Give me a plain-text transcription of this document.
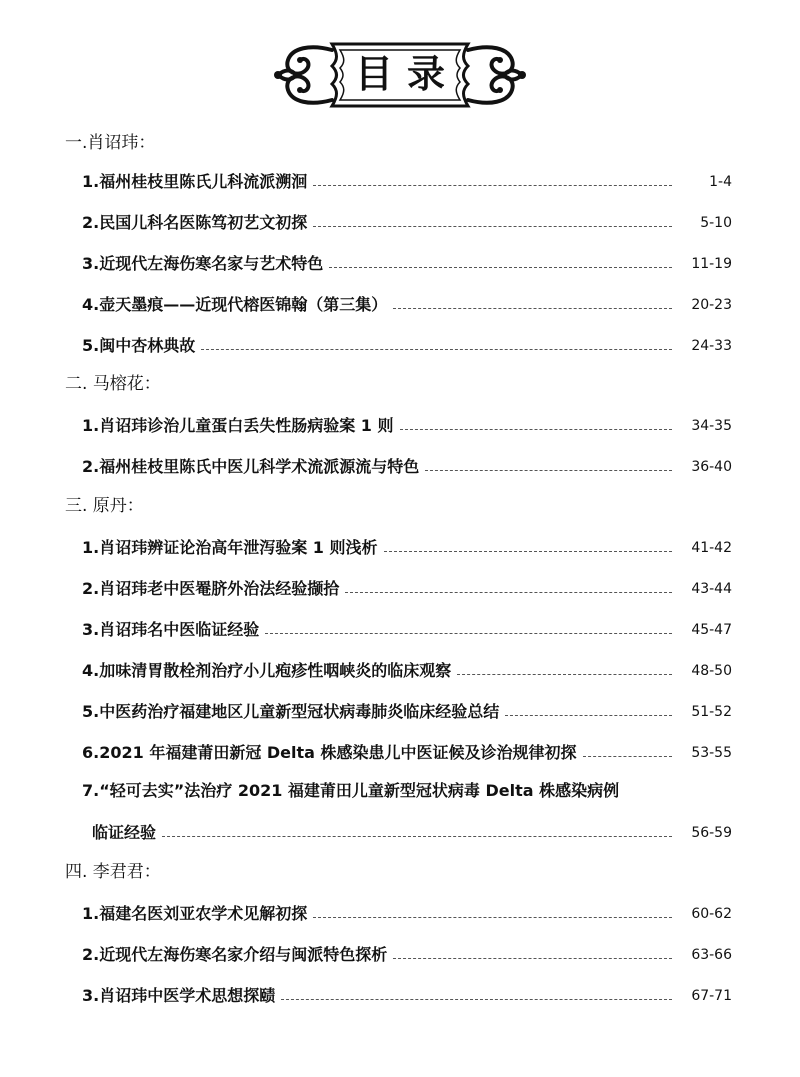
目录
一.肖诏玮：
1.福州桂枝里陈氏儿科流派溯洄	1-4
2.民国儿科名医陈笃初艺文初探	5-10
3.近现代左海伤寒名家与艺术特色	11-19
4.壶天墨痕——近现代榕医锦翰（第三集）	20-23
5.闽中杏林典故	24-33
二. 马榕花：
1.肖诏玮诊治儿童蛋白丢失性肠病验案 1 则	34-35
2.福州桂枝里陈氏中医儿科学术流派源流与特色	36-40
三. 原丹：
1.肖诏玮辨证论治高年泄泻验案 1 则浅析	41-42
2.肖诏玮老中医罨脐外治法经验撷拾	43-44
3.肖诏玮名中医临证经验	45-47
4.加味清胃散栓剂治疗小儿疱疹性咽峡炎的临床观察	48-50
5.中医药治疗福建地区儿童新型冠状病毒肺炎临床经验总结	51-52
6.2021 年福建莆田新冠 Delta 株感染患儿中医证候及诊治规律初探	53-55
7.“轻可去实”法治疗 2021 福建莆田儿童新型冠状病毒 Delta 株感染病例
临证经验	56-59
四. 李君君：
1.福建名医刘亚农学术见解初探	60-62
2.近现代左海伤寒名家介绍与闽派特色探析	63-66
3.肖诏玮中医学术思想探赜	67-71
